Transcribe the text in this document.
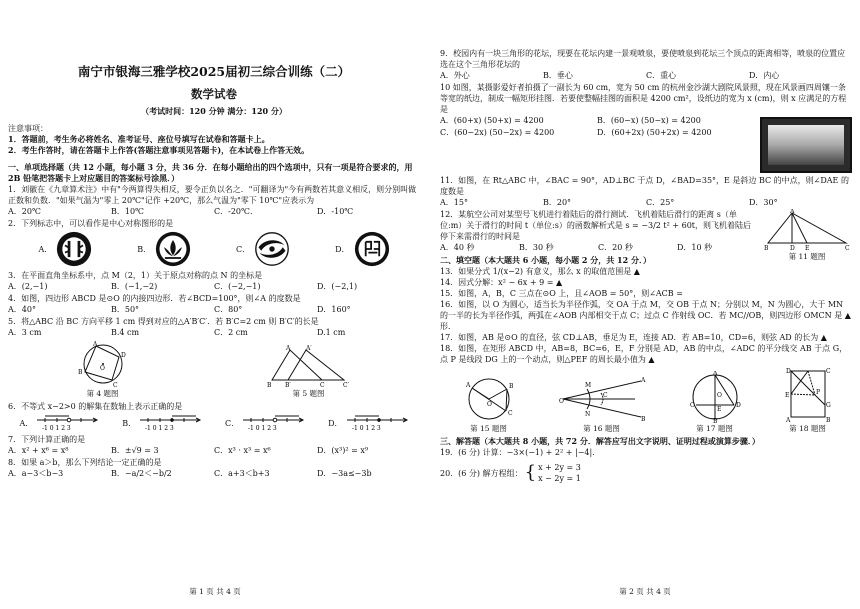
南宁市银海三雅学校2025届初三综合训练（二）

数学试卷

（考试时间：120 分钟 满分：120 分）

注意事项：

1．答题前，考生务必将姓名、准考证号、座位号填写在试卷和答题卡上。

2．考生作答时，请在答题卡上作答(答题注意事项见答题卡)，在本试卷上作答无效。

一、单项选择题（共 12 小题，每小题 3 分，共 36 分．在每小题给出的四个选项中，只有一项是符合要求的，用 2B 铅笔把答题卡上对应题目的答案标号涂黑．）

1．刘徽在《九章算术注》中有"今两算得失相反，要令正负以名之．"可翻译为"今有两数若其意义相反，则分别叫做正数和负数．"如果气温为"零上 20℃"记作 +20℃，那么气温为"零下 10℃"应表示为

A．20℃	B．10℃	C．-20℃．	D．-10℃

2．下列标志中，可以看作是中心对称图形的是

A．	B．	C．	D．

3．在平面直角坐标系中，点 M（2，1）关于原点对称的点 N 的坐标是

A．(2,−1)	B．(−1,−2)	C．(−2,−1)	D．(−2,1)

4．如图，四边形 ABCD 是⊙O 的内接四边形．若∠BCD=100°，则∠A 的度数是

A．40°	B．50°	C．80°	D．160°

5．将△ABC 沿 BC 方向平移 1 cm 得到对应的△A′B′C′．若 B′C=2 cm 则 B′C′的长是

A．3 cm	B.4 cm	C．2 cm	D.1 cm
O
A
D
C
B
第 4 题图
A	A′
B B′	C	C′
第 5 题图

6．不等式 x−2>0 的解集在数轴上表示正确的是

A．
-1 0 1 2 3
B．
-1 0 1 2 3
C．
-1 0 1 2 3
D．
-1 0 1 2 3

7．下列计算正确的是

A．x² + x⁶ = x⁸	B．±√9 = 3	C．x³ · x³ = x⁶	D．(x³)² = x⁹

8．如果 a＞b，那么下列结论一定正确的是

A．a−3＜b−3	B．−a/2＜−b/2	C．a+3＜b+3	D．−3a≤−3b
第 1 页 共 4 页

9．校园内有一块三角形的花坛，现要在花坛内建一景观喷泉，要使喷泉到花坛三个顶点的距离相等，喷泉的位置应选在这个三角形花坛的

A．外心	B．垂心	C．重心	D．内心

10 如图，某摄影爱好者拍摄了一副长为 60 cm，宽为 50 cm 的杭州金沙湖大剧院风景照，现在风景画四周镶一条等宽的纸边，制成一幅矩形挂图．若要使整幅挂图的面积是 4200 cm²，设纸边的宽为 x (cm)，则 x 应满足的方程是

A．(60+x) (50+x) = 4200	B．(60−x) (50−x) = 4200
C．(60−2x) (50−2x) = 4200	D．(60+2x) (50+2x) = 4200

11．如图，在 Rt△ABC 中，∠BAC = 90°，AD⊥BC 于点 D，∠BAD=35°，E 是斜边 BC 的中点，则∠DAE 的度数是

A．15°	B．20°	C．25°	D．30°
A
B	D E	C
第 11 题图

12．某航空公司对某型号飞机进行着陆后的滑行测试．飞机着陆后滑行的距离 s（单位:m）关于滑行的时间 t（单位:s）的函数解析式是 s = −3/2 t² + 60t，则飞机着陆后停下来需滑行的时间是

A．40 秒	B．30 秒	C．20 秒	D．10 秒

二、填空题（本大题共 6 小题，每小题 2 分，共 12 分．）

13．如果分式 1/(x−2) 有意义，那么 x 的取值范围是 ▲

14．因式分解：x² − 6x + 9 = ▲

15．如图，A，B，C 三点在⊙O 上，且∠AOB = 50°，则∠ACB =

16．如图，以 O 为圆心，适当长为半径作弧，交 OA 于点 M，交 OB 于点 N；分别以 M，N 为圆心，大于 MN 的一半的长为半径作弧，两弧在∠AOB 内部相交于点 C；过点 C 作射线 OC．若 MC//OB，则四边形 OMCN 是 ▲ 形．

17．如图，AB 是⊙O 的直径，弦 CD⊥AB，垂足为 E，连接 AD．若 AB=10，CD=6，则弦 AD 的长为 ▲

18．如图，在矩形 ABCD 中，AB=8，BC=6，E，F 分别是 AD，AB 的中点，∠ADC 的平分线交 AB 于点 G，点 P 是线段 DG 上的一个动点，则△PEF 的周长最小值为 ▲

A	B
C
O
第 15 题图
O
A
B
C
M
N
第 16 题图
A
B
C	D
E
O
第 17 题图
D	C
A	B
E
G
P
第 18 题图

三、解答题（本大题共 8 小题，共 72 分．解答应写出文字说明、证明过程或演算步骤．）

19．(6 分) 计算：−3×(−1) + 2² + |−4|．

20．(6 分) 解方程组： { x + 2y = 3
x − 2y = 1
第 2 页 共 4 页
